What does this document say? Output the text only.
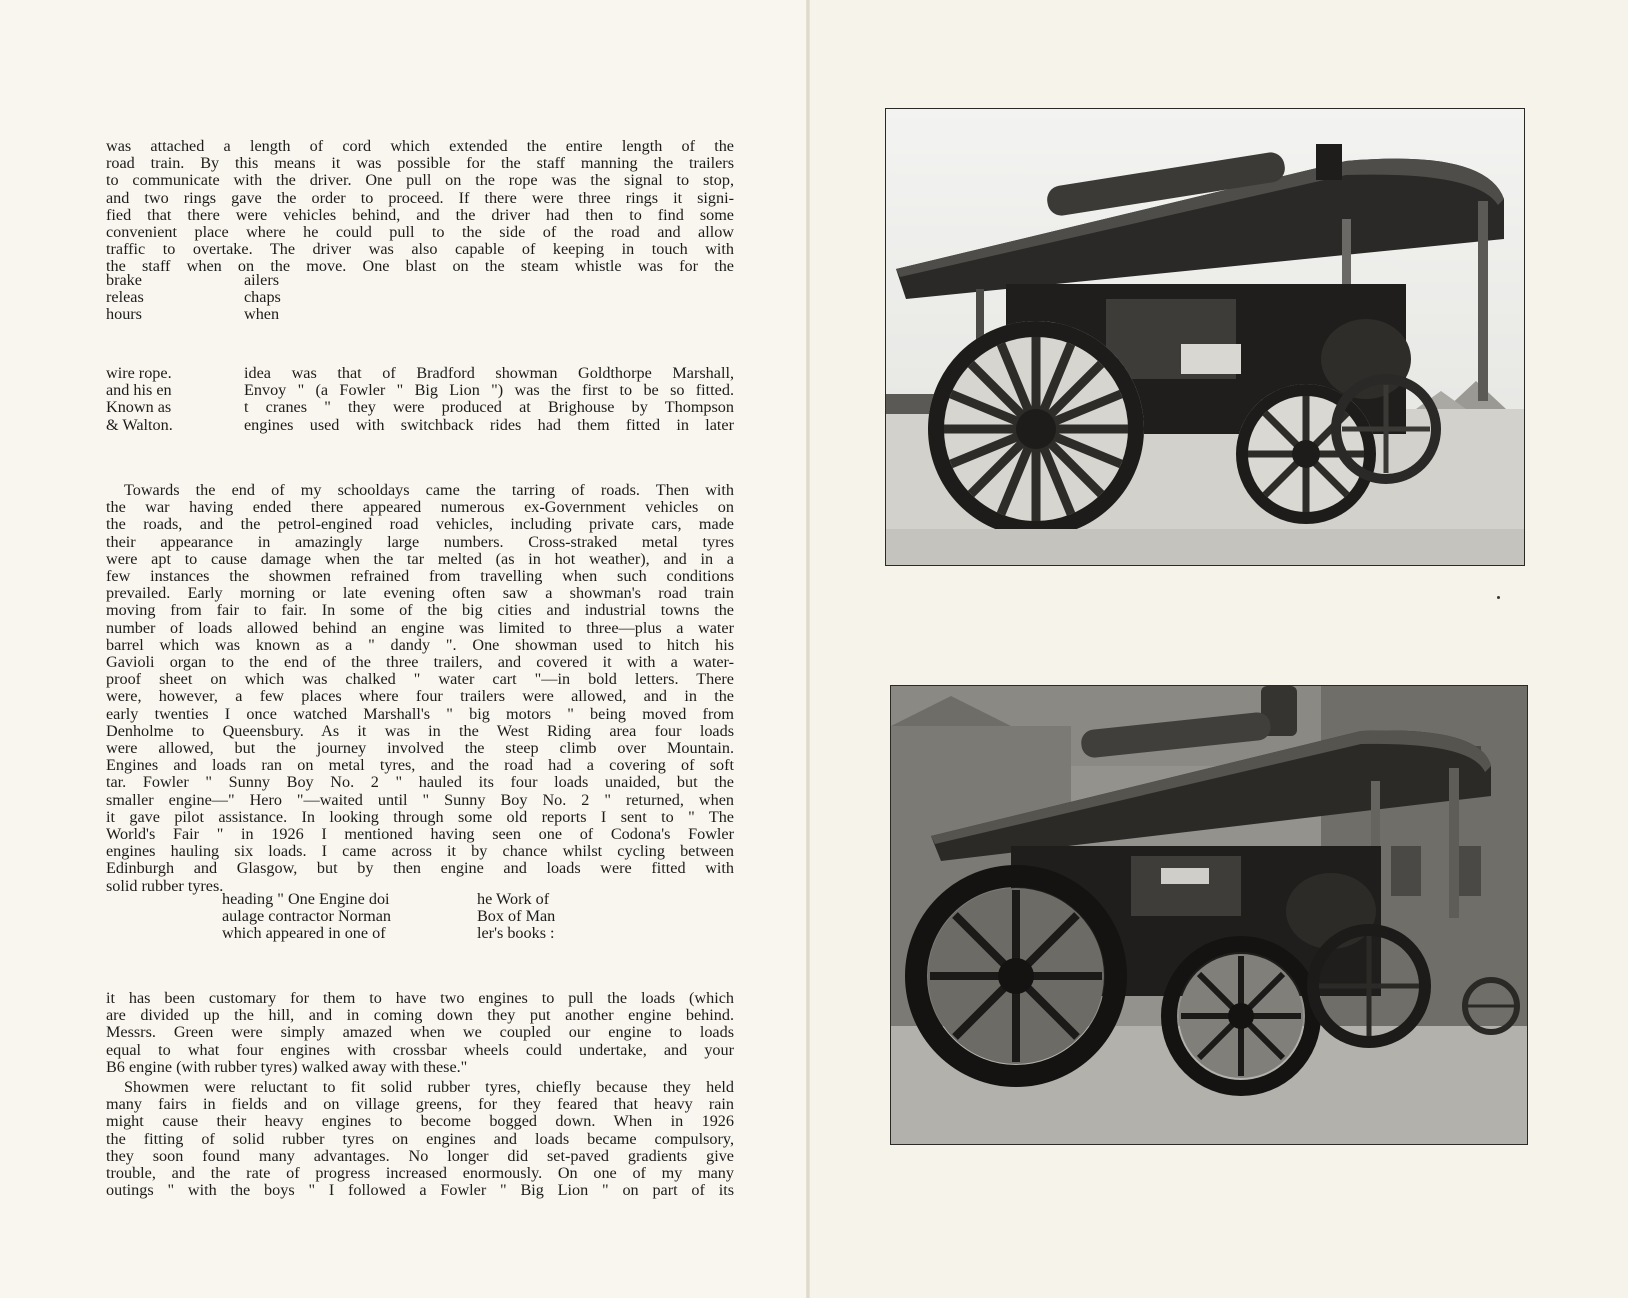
was attached a length of cord which extended the entire length of the
road train. By this means it was possible for the staff manning the trailers
to communicate with the driver. One pull on the rope was the signal to stop,
and two rings gave the order to proceed. If there were three rings it signi-
fied that there were vehicles behind, and the driver had then to find some
convenient place where he could pull to the side of the road and allow
traffic to overtake. The driver was also capable of keeping in touch with
the staff when on the move. One blast on the steam whistle was for the
brake
releas
hours
ailers
chaps
when
wire rope.
and his en
Known as
& Walton.
idea was that of Bradford showman Goldthorpe Marshall,
Envoy " (a Fowler " Big Lion ") was the first to be so fitted.
t cranes " they were produced at Brighouse by Thompson
engines used with switchback rides had them fitted in later
Towards the end of my schooldays came the tarring of roads. Then with
the war having ended there appeared numerous ex-Government vehicles on
the roads, and the petrol-engined road vehicles, including private cars, made
their appearance in amazingly large numbers. Cross-straked metal tyres
were apt to cause damage when the tar melted (as in hot weather), and in a
few instances the showmen refrained from travelling when such conditions
prevailed. Early morning or late evening often saw a showman's road train
moving from fair to fair. In some of the big cities and industrial towns the
number of loads allowed behind an engine was limited to three—plus a water
barrel which was known as a " dandy ". One showman used to hitch his
Gavioli organ to the end of the three trailers, and covered it with a water-
proof sheet on which was chalked " water cart "—in bold letters. There
were, however, a few places where four trailers were allowed, and in the
early twenties I once watched Marshall's " big motors " being moved from
Denholme to Queensbury. As it was in the West Riding area four loads
were allowed, but the journey involved the steep climb over Mountain.
Engines and loads ran on metal tyres, and the road had a covering of soft
tar. Fowler " Sunny Boy No. 2 " hauled its four loads unaided, but the
smaller engine—" Hero "—waited until " Sunny Boy No. 2 " returned, when
it gave pilot assistance. In looking through some old reports I sent to " The
World's Fair " in 1926 I mentioned having seen one of Codona's Fowler
engines hauling six loads. I came across it by chance whilst cycling between
Edinburgh and Glasgow, but by then engine and loads were fitted with
solid rubber tyres.
heading " One Engine doi
aulage contractor Norman
which appeared in one of
he Work of
Box of Man
ler's books :
it has been customary for them to have two engines to pull the loads (which
are divided up the hill, and in coming down they put another engine behind.
Messrs. Green were simply amazed when we coupled our engine to loads
equal to what four engines with crossbar wheels could undertake, and your
B6 engine (with rubber tyres) walked away with these."
Showmen were reluctant to fit solid rubber tyres, chiefly because they held
many fairs in fields and on village greens, for they feared that heavy rain
might cause their heavy engines to become bogged down. When in 1926
the fitting of solid rubber tyres on engines and loads became compulsory,
they soon found many advantages. No longer did set-paved gradients give
trouble, and the rate of progress increased enormously. On one of my many
outings " with the boys " I followed a Fowler " Big Lion " on part of its
